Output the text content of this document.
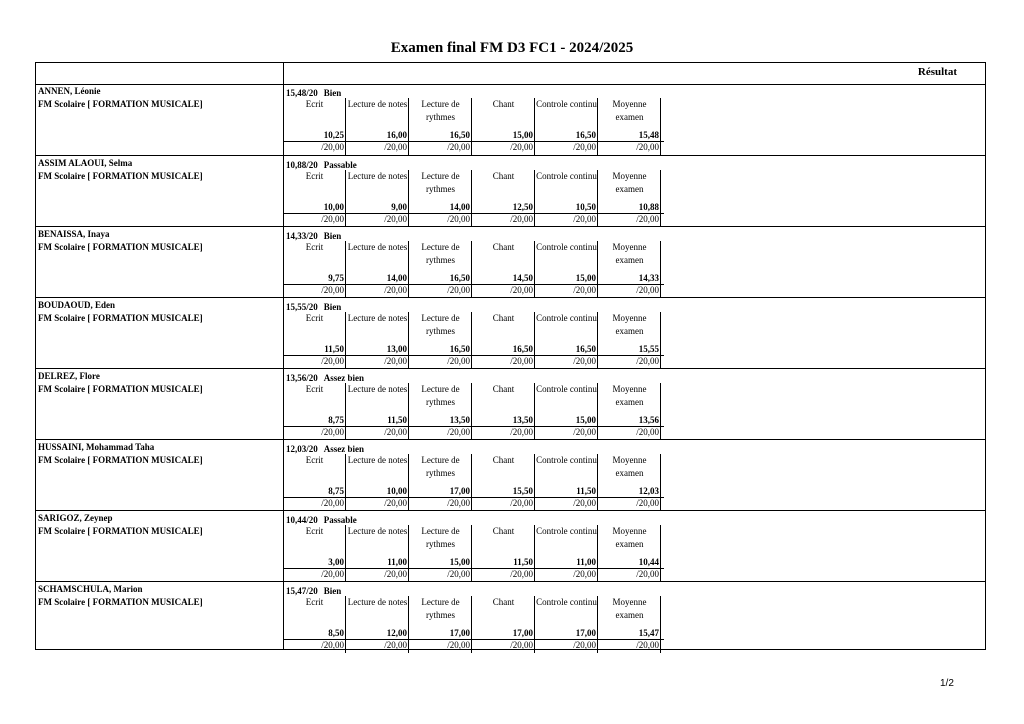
Examen final FM D3 FC1 - 2024/2025
Résultat
ANNEN, Léonie
FM Scolaire [ FORMATION MUSICALE]
15,48/20 Bien
Ecrit
10,25
/20,00
Lecture de notes
16,00
/20,00
Lecture de rythmes
16,50
/20,00
Chant
15,00
/20,00
Controle continu
16,50
/20,00
Moyenne examen
15,48
/20,00
ASSIM ALAOUI, Selma
FM Scolaire [ FORMATION MUSICALE]
10,88/20 Passable
Ecrit
10,00
/20,00
Lecture de notes
9,00
/20,00
Lecture de rythmes
14,00
/20,00
Chant
12,50
/20,00
Controle continu
10,50
/20,00
Moyenne examen
10,88
/20,00
BENAISSA, Inaya
FM Scolaire [ FORMATION MUSICALE]
14,33/20 Bien
Ecrit
9,75
/20,00
Lecture de notes
14,00
/20,00
Lecture de rythmes
16,50
/20,00
Chant
14,50
/20,00
Controle continu
15,00
/20,00
Moyenne examen
14,33
/20,00
BOUDAOUD, Eden
FM Scolaire [ FORMATION MUSICALE]
15,55/20 Bien
Ecrit
11,50
/20,00
Lecture de notes
13,00
/20,00
Lecture de rythmes
16,50
/20,00
Chant
16,50
/20,00
Controle continu
16,50
/20,00
Moyenne examen
15,55
/20,00
DELREZ, Flore
FM Scolaire [ FORMATION MUSICALE]
13,56/20 Assez bien
Ecrit
8,75
/20,00
Lecture de notes
11,50
/20,00
Lecture de rythmes
13,50
/20,00
Chant
13,50
/20,00
Controle continu
15,00
/20,00
Moyenne examen
13,56
/20,00
HUSSAINI, Mohammad Taha
FM Scolaire [ FORMATION MUSICALE]
12,03/20 Assez bien
Ecrit
8,75
/20,00
Lecture de notes
10,00
/20,00
Lecture de rythmes
17,00
/20,00
Chant
15,50
/20,00
Controle continu
11,50
/20,00
Moyenne examen
12,03
/20,00
SARIGOZ, Zeynep
FM Scolaire [ FORMATION MUSICALE]
10,44/20 Passable
Ecrit
3,00
/20,00
Lecture de notes
11,00
/20,00
Lecture de rythmes
15,00
/20,00
Chant
11,50
/20,00
Controle continu
11,00
/20,00
Moyenne examen
10,44
/20,00
SCHAMSCHULA, Marion
FM Scolaire [ FORMATION MUSICALE]
15,47/20 Bien
Ecrit
8,50
/20,00
Lecture de notes
12,00
/20,00
Lecture de rythmes
17,00
/20,00
Chant
17,00
/20,00
Controle continu
17,00
/20,00
Moyenne examen
15,47
/20,00
1/2
